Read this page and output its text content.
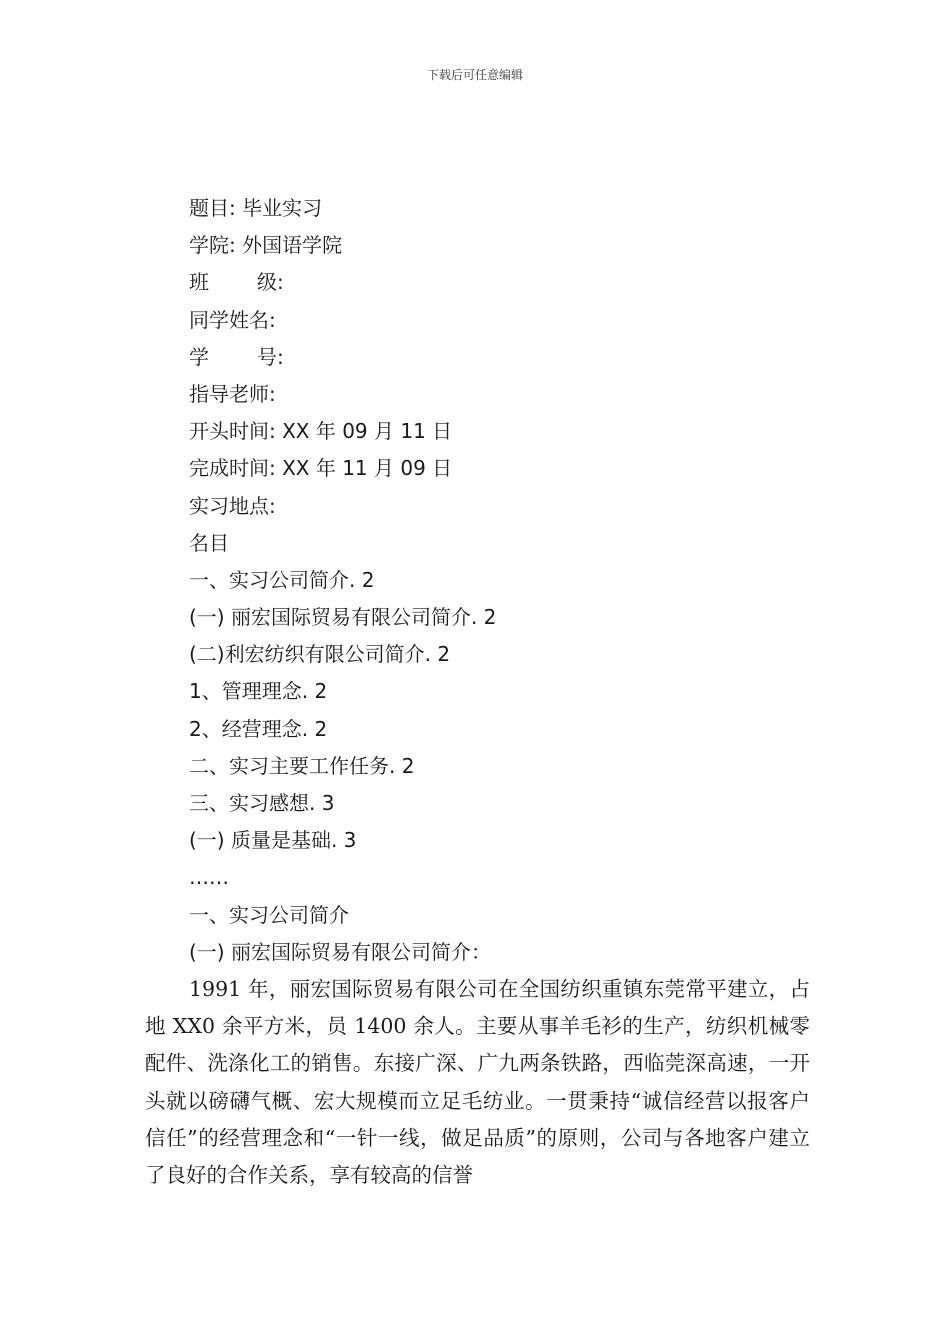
下载后可任意编辑
题目: 毕业实习
学院: 外国语学院
班 级:
同学姓名:
学 号:
指导老师:
开头时间: XX 年 09 月 11 日
完成时间: XX 年 11 月 09 日
实习地点:
名目
一、实习公司简介. 2
(一) 丽宏国际贸易有限公司简介. 2
(二)利宏纺织有限公司简介. 2
1、管理理念. 2
2、经营理念. 2
二、实习主要工作任务. 2
三、实习感想. 3
(一) 质量是基础. 3
……
一、实习公司简介
(一) 丽宏国际贸易有限公司简介：

1991 年，丽宏国际贸易有限公司在全国纺织重镇东莞常平建立，占地 XX0 余平方米，员 1400 余人。主要从事羊毛衫的生产，纺织机械零配件、洗涤化工的销售。东接广深、广九两条铁路，西临莞深高速，一开头就以磅礴气概、宏大规模而立足毛纺业。一贯秉持“诚信经营以报客户信任”的经营理念和“一针一线，做足品质”的原则，公司与各地客户建立了良好的合作关系，享有较高的信誉
